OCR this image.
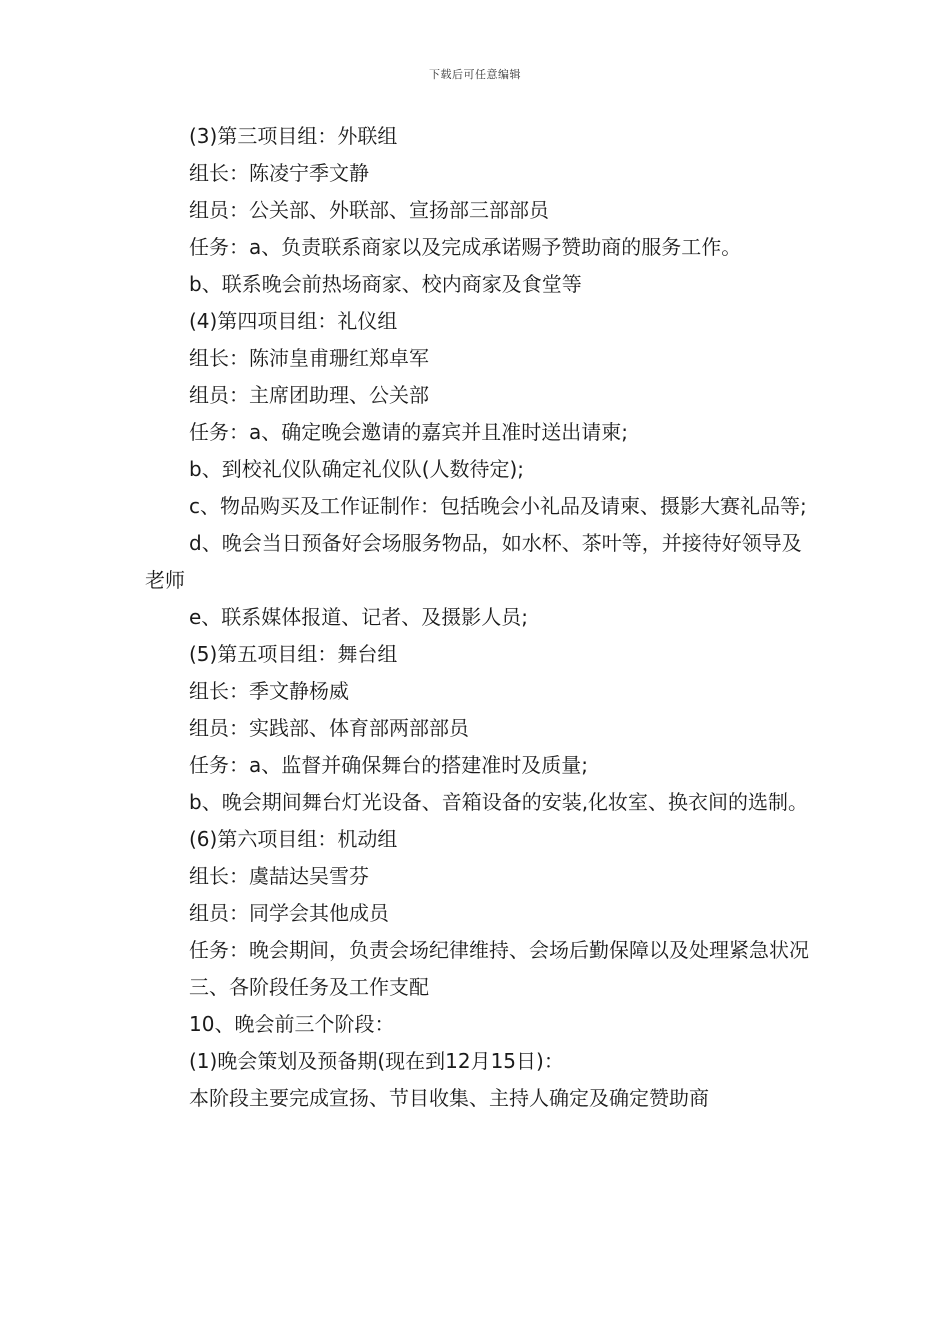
下载后可任意编辑

(3)第三项目组：外联组

组长：陈凌宁季文静

组员：公关部、外联部、宣扬部三部部员

任务：a、负责联系商家以及完成承诺赐予赞助商的服务工作。

b、联系晚会前热场商家、校内商家及食堂等

(4)第四项目组：礼仪组

组长：陈沛皇甫珊红郑卓军

组员：主席团助理、公关部

任务：a、确定晚会邀请的嘉宾并且准时送出请柬;

b、到校礼仪队确定礼仪队(人数待定);

c、物品购买及工作证制作：包括晚会小礼品及请柬、摄影大赛礼品等;

d、晚会当日预备好会场服务物品，如水杯、茶叶等，并接待好领导及老师

e、联系媒体报道、记者、及摄影人员;

(5)第五项目组：舞台组

组长：季文静杨威

组员：实践部、体育部两部部员

任务：a、监督并确保舞台的搭建准时及质量;

b、晚会期间舞台灯光设备、音箱设备的安装,化妆室、换衣间的选制。

(6)第六项目组：机动组

组长：虞喆达吴雪芬

组员：同学会其他成员

任务：晚会期间，负责会场纪律维持、会场后勤保障以及处理紧急状况

三、各阶段任务及工作支配

10、晚会前三个阶段：

(1)晚会策划及预备期(现在到12月15日)：

本阶段主要完成宣扬、节目收集、主持人确定及确定赞助商
